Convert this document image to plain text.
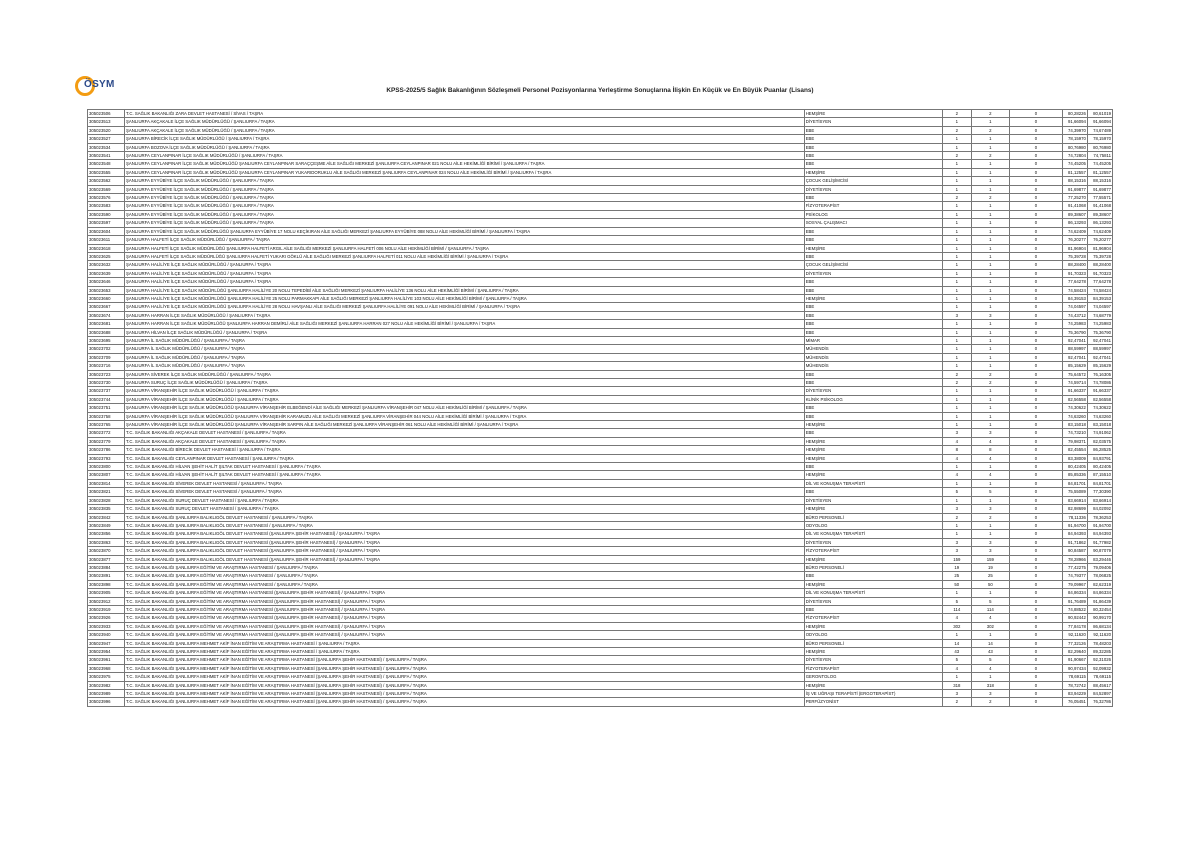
ÖSYM
KPSS-2025/5 Sağlık Bakanlığının Sözleşmeli Personel Pozisyonlarına Yerleştirme Sonuçlarına İlişkin En Küçük ve En Büyük Puanlar (Lisans)
305023506	T.C. SAĞLIK BAKANLIĞI ZARA DEVLET HASTANESİ / SİVAS / TAŞRA	HEMŞİRE	2	2	0	80,28226	80,61019
305023513	ŞANLIURFA AKÇAKALE İLÇE SAĞLIK MÜDÜRLÜĞÜ / ŞANLIURFA / TAŞRA	DİYETİSYEN	1	1	0	91,66094	91,66094
305023520	ŞANLIURFA AKÇAKALE İLÇE SAĞLIK MÜDÜRLÜĞÜ / ŞANLIURFA / TAŞRA	EBE	2	2	0	74,39970	74,67489
305023527	ŞANLIURFA BİRECİK İLÇE SAĞLIK MÜDÜRLÜĞÜ / ŞANLIURFA / TAŞRA	EBE	1	1	0	78,15970	78,15970
305023534	ŞANLIURFA BOZOVA İLÇE SAĞLIK MÜDÜRLÜĞÜ / ŞANLIURFA / TAŞRA	EBE	1	1	0	80,76980	80,76980
305023541	ŞANLIURFA CEYLANPINAR İLÇE SAĞLIK MÜDÜRLÜĞÜ / ŞANLIURFA / TAŞRA	EBE	2	2	0	74,72804	74,75811
305023548	ŞANLIURFA CEYLANPINAR İLÇE SAĞLIK MÜDÜRLÜĞÜ ŞANLIURFA CEYLANPINAR SARAÇÇEŞME AİLE SAĞLIĞI MERKEZİ ŞANLIURFA CEYLANPINAR 021 NOLU AİLE HEKİMLİĞİ BİRİMİ / ŞANLIURFA / TAŞRA	EBE	1	1	0	74,45205	74,45205
305023555	ŞANLIURFA CEYLANPINAR İLÇE SAĞLIK MÜDÜRLÜĞÜ ŞANLIURFA CEYLANPINAR YUKARIDORUKLU AİLE SAĞLIĞI MERKEZİ ŞANLIURFA CEYLANPINAR 024 NOLU AİLE HEKİMLİĞİ BİRİMİ / ŞANLIURFA / TAŞRA	HEMŞİRE	1	1	0	81,12557	81,12557
305023562	ŞANLIURFA EYYÜBİYE İLÇE SAĞLIK MÜDÜRLÜĞÜ / ŞANLIURFA / TAŞRA	ÇOCUK GELİŞİMCİSİ	1	1	0	88,15316	88,15316
305023569	ŞANLIURFA EYYÜBİYE İLÇE SAĞLIK MÜDÜRLÜĞÜ / ŞANLIURFA / TAŞRA	DİYETİSYEN	1	1	0	91,69877	91,69877
305023576	ŞANLIURFA EYYÜBİYE İLÇE SAĞLIK MÜDÜRLÜĞÜ / ŞANLIURFA / TAŞRA	EBE	2	2	0	77,25270	77,55571
305023583	ŞANLIURFA EYYÜBİYE İLÇE SAĞLIK MÜDÜRLÜĞÜ / ŞANLIURFA / TAŞRA	FİZYOTERAPİST	1	1	0	91,41068	91,41068
305023590	ŞANLIURFA EYYÜBİYE İLÇE SAĞLIK MÜDÜRLÜĞÜ / ŞANLIURFA / TAŞRA	PSİKOLOG	1	1	0	89,38607	89,38607
305023597	ŞANLIURFA EYYÜBİYE İLÇE SAĞLIK MÜDÜRLÜĞÜ / ŞANLIURFA / TAŞRA	SOSYAL ÇALIŞMACI	1	1	0	86,13293	86,13293
305023604	ŞANLIURFA EYYÜBİYE İLÇE SAĞLIK MÜDÜRLÜĞÜ ŞANLIURFA EYYÜBİYE 17 NOLU KEÇİKIRAN AİLE SAĞLIĞI MERKEZİ ŞANLIURFA EYYÜBİYE 088 NOLU AİLE HEKİMLİĞİ BİRİMİ / ŞANLIURFA / TAŞRA	EBE	1	1	0	74,62409	74,62409
305023611	ŞANLIURFA HALFETİ İLÇE SAĞLIK MÜDÜRLÜĞÜ / ŞANLIURFA / TAŞRA	EBE	1	1	0	76,20277	76,20277
305023618	ŞANLIURFA HALFETİ İLÇE SAĞLIK MÜDÜRLÜĞÜ ŞANLIURFA HALFETİ ARGIL AİLE SAĞLIĞI MERKEZİ ŞANLIURFA HALFETİ 006 NOLU AİLE HEKİMLİĞİ BİRİMİ / ŞANLIURFA / TAŞRA	HEMŞİRE	1	1	0	81,96904	81,96904
305023625	ŞANLIURFA HALFETİ İLÇE SAĞLIK MÜDÜRLÜĞÜ ŞANLIURFA HALFETİ YUKARI GÖKLÜ AİLE SAĞLIĞI MERKEZİ ŞANLIURFA HALFETİ 011 NOLU AİLE HEKİMLİĞİ BİRİMİ / ŞANLIURFA / TAŞRA	EBE	1	1	0	75,39728	75,39728
305023632	ŞANLIURFA HALİLİYE İLÇE SAĞLIK MÜDÜRLÜĞÜ / ŞANLIURFA / TAŞRA	ÇOCUK GELİŞİMCİSİ	1	1	0	88,28400	88,28400
305023639	ŞANLIURFA HALİLİYE İLÇE SAĞLIK MÜDÜRLÜĞÜ / ŞANLIURFA / TAŞRA	DİYETİSYEN	1	1	0	91,70323	91,70323
305023646	ŞANLIURFA HALİLİYE İLÇE SAĞLIK MÜDÜRLÜĞÜ / ŞANLIURFA / TAŞRA	EBE	1	1	0	77,64278	77,64278
305023653	ŞANLIURFA HALİLİYE İLÇE SAĞLIK MÜDÜRLÜĞÜ ŞANLIURFA HALİLİYE 20 NOLU TEPEDİBİ AİLE SAĞLIĞI MERKEZİ ŞANLIURFA HALİLİYE 136 NOLU AİLE HEKİMLİĞİ BİRİMİ / ŞANLIURFA / TAŞRA	EBE	1	1	0	74,58424	74,58424
305023660	ŞANLIURFA HALİLİYE İLÇE SAĞLIK MÜDÜRLÜĞÜ ŞANLIURFA HALİLİYE 25 NOLU PARMAKKAPI AİLE SAĞLIĞI MERKEZİ ŞANLIURFA HALİLİYE 103 NOLU AİLE HEKİMLİĞİ BİRİMİ / ŞANLIURFA / TAŞRA	HEMŞİRE	1	1	0	84,39153	84,39153
305023667	ŞANLIURFA HALİLİYE İLÇE SAĞLIK MÜDÜRLÜĞÜ ŞANLIURFA HALİLİYE 28 NOLU HAVŞANLI AİLE SAĞLIĞI MERKEZİ ŞANLIURFA HALİLİYE 091 NOLU AİLE HEKİMLİĞİ BİRİMİ / ŞANLIURFA / TAŞRA	EBE	1	1	0	74,04597	74,04597
305023674	ŞANLIURFA HARRAN İLÇE SAĞLIK MÜDÜRLÜĞÜ / ŞANLIURFA / TAŞRA	EBE	3	3	0	74,43712	74,68779
305023681	ŞANLIURFA HARRAN İLÇE SAĞLIK MÜDÜRLÜĞÜ ŞANLIURFA HARRAN DEMİRLİ AİLE SAĞLIĞI MERKEZİ ŞANLIURFA HARRAN 027 NOLU AİLE HEKİMLİĞİ BİRİMİ / ŞANLIURFA / TAŞRA	EBE	1	1	0	74,25983	74,25983
305023688	ŞANLIURFA HİLVAN İLÇE SAĞLIK MÜDÜRLÜĞÜ / ŞANLIURFA / TAŞRA	EBE	1	1	0	75,36790	75,36790
305023695	ŞANLIURFA İL SAĞLIK MÜDÜRLÜĞÜ / ŞANLIURFA / TAŞRA	MİMAR	1	1	0	92,47041	92,47041
305023702	ŞANLIURFA İL SAĞLIK MÜDÜRLÜĞÜ / ŞANLIURFA / TAŞRA	MÜHENDİS	1	1	0	88,59997	88,59997
305023709	ŞANLIURFA İL SAĞLIK MÜDÜRLÜĞÜ / ŞANLIURFA / TAŞRA	MÜHENDİS	1	1	0	92,47041	92,47041
305023716	ŞANLIURFA İL SAĞLIK MÜDÜRLÜĞÜ / ŞANLIURFA / TAŞRA	MÜHENDİS	1	1	0	85,15629	85,15629
305023723	ŞANLIURFA SİVEREK İLÇE SAĞLIK MÜDÜRLÜĞÜ / ŞANLIURFA / TAŞRA	EBE	2	2	0	75,64572	76,16305
305023730	ŞANLIURFA SURUÇ İLÇE SAĞLIK MÜDÜRLÜĞÜ / ŞANLIURFA / TAŞRA	EBE	2	2	0	74,59714	74,78086
305023737	ŞANLIURFA VİRANŞEHİR İLÇE SAĞLIK MÜDÜRLÜĞÜ / ŞANLIURFA / TAŞRA	DİYETİSYEN	1	1	0	91,66337	91,66337
305023744	ŞANLIURFA VİRANŞEHİR İLÇE SAĞLIK MÜDÜRLÜĞÜ / ŞANLIURFA / TAŞRA	KLİNİK PSİKOLOG	1	1	0	82,56558	82,56558
305023751	ŞANLIURFA VİRANŞEHİR İLÇE SAĞLIK MÜDÜRLÜĞÜ ŞANLIURFA VİRANŞEHİR ELBEĞENDİ AİLE SAĞLIĞI MERKEZİ ŞANLIURFA VİRANŞEHİR 047 NOLU AİLE HEKİMLİĞİ BİRİMİ / ŞANLIURFA / TAŞRA	EBE	1	1	0	74,30622	74,30622
305023758	ŞANLIURFA VİRANŞEHİR İLÇE SAĞLIK MÜDÜRLÜĞÜ ŞANLIURFA VİRANŞEHİR KARAMUZU AİLE SAĞLIĞI MERKEZİ ŞANLIURFA VİRANŞEHİR 044 NOLU AİLE HEKİMLİĞİ BİRİMİ / ŞANLIURFA / TAŞRA	EBE	1	1	0	74,63260	74,63260
305023765	ŞANLIURFA VİRANŞEHİR İLÇE SAĞLIK MÜDÜRLÜĞÜ ŞANLIURFA VİRANŞEHİR SARPIN AİLE SAĞLIĞI MERKEZİ ŞANLIURFA VİRANŞEHİR 061 NOLU AİLE HEKİMLİĞİ BİRİMİ / ŞANLIURFA / TAŞRA	HEMŞİRE	1	1	0	83,15018	83,15018
305023772	T.C. SAĞLIK BAKANLIĞI AKÇAKALE DEVLET HASTANESİ / ŞANLIURFA / TAŞRA	EBE	3	3	0	74,73210	74,91062
305023779	T.C. SAĞLIK BAKANLIĞI AKÇAKALE DEVLET HASTANESİ / ŞANLIURFA / TAŞRA	HEMŞİRE	4	4	0	79,98371	82,03575
305023786	T.C. SAĞLIK BAKANLIĞI BİRECİK DEVLET HASTANESİ / ŞANLIURFA / TAŞRA	HEMŞİRE	8	8	0	82,45554	86,28525
305023793	T.C. SAĞLIK BAKANLIĞI CEYLANPINAR DEVLET HASTANESİ / ŞANLIURFA / TAŞRA	HEMŞİRE	4	4	0	83,38009	84,93791
305023800	T.C. SAĞLIK BAKANLIĞI HİLVAN ŞEHİT HALİT ŞILTAK DEVLET HASTANESİ / ŞANLIURFA / TAŞRA	EBE	1	1	0	80,42405	80,42405
305023807	T.C. SAĞLIK BAKANLIĞI HİLVAN ŞEHİT HALİT ŞILTAK DEVLET HASTANESİ / ŞANLIURFA / TAŞRA	HEMŞİRE	4	4	0	85,85336	87,15510
305023814	T.C. SAĞLIK BAKANLIĞI SİVEREK DEVLET HASTANESİ / ŞANLIURFA / TAŞRA	DİL VE KONUŞMA TERAPİSTİ	1	1	0	84,81701	84,81701
305023821	T.C. SAĞLIK BAKANLIĞI SİVEREK DEVLET HASTANESİ / ŞANLIURFA / TAŞRA	EBE	5	5	0	75,55089	77,30390
305023828	T.C. SAĞLIK BAKANLIĞI SURUÇ DEVLET HASTANESİ / ŞANLIURFA / TAŞRA	DİYETİSYEN	1	1	0	83,66914	83,66914
305023835	T.C. SAĞLIK BAKANLIĞI SURUÇ DEVLET HASTANESİ / ŞANLIURFA / TAŞRA	HEMŞİRE	3	3	0	82,98699	84,02092
305023842	T.C. SAĞLIK BAKANLIĞI ŞANLIURFA BALIKLIGÖL DEVLET HASTANESİ / ŞANLIURFA / TAŞRA	BÜRO PERSONELİ	2	2	0	78,11336	78,36253
305023849	T.C. SAĞLIK BAKANLIĞI ŞANLIURFA BALIKLIGÖL DEVLET HASTANESİ / ŞANLIURFA / TAŞRA	ODYOLOG	1	1	0	91,94700	91,94700
305023856	T.C. SAĞLIK BAKANLIĞI ŞANLIURFA BALIKLIGÖL DEVLET HASTANESİ (ŞANLIURFA ŞEHİR HASTANESİ) / ŞANLIURFA / TAŞRA	DİL VE KONUŞMA TERAPİSTİ	1	1	0	84,94393	84,94393
305023863	T.C. SAĞLIK BAKANLIĞI ŞANLIURFA BALIKLIGÖL DEVLET HASTANESİ (ŞANLIURFA ŞEHİR HASTANESİ) / ŞANLIURFA / TAŞRA	DİYETİSYEN	3	3	0	91,71862	91,77982
305023870	T.C. SAĞLIK BAKANLIĞI ŞANLIURFA BALIKLIGÖL DEVLET HASTANESİ (ŞANLIURFA ŞEHİR HASTANESİ) / ŞANLIURFA / TAŞRA	FİZYOTERAPİST	3	3	0	90,84587	90,87079
305023877	T.C. SAĞLIK BAKANLIĞI ŞANLIURFA BALIKLIGÖL DEVLET HASTANESİ (ŞANLIURFA ŞEHİR HASTANESİ) / ŞANLIURFA / TAŞRA	HEMŞİRE	159	159	0	78,28966	83,29446
305023884	T.C. SAĞLIK BAKANLIĞI ŞANLIURFA EĞİTİM VE ARAŞTIRMA HASTANESİ / ŞANLIURFA / TAŞRA	BÜRO PERSONELİ	19	19	0	77,42275	79,09406
305023891	T.C. SAĞLIK BAKANLIĞI ŞANLIURFA EĞİTİM VE ARAŞTIRMA HASTANESİ / ŞANLIURFA / TAŞRA	EBE	25	25	0	74,79377	78,06825
305023898	T.C. SAĞLIK BAKANLIĞI ŞANLIURFA EĞİTİM VE ARAŞTIRMA HASTANESİ / ŞANLIURFA / TAŞRA	HEMŞİRE	50	50	0	79,09967	82,62319
305023905	T.C. SAĞLIK BAKANLIĞI ŞANLIURFA EĞİTİM VE ARAŞTIRMA HASTANESİ (ŞANLIURFA ŞEHİR HASTANESİ) / ŞANLIURFA / TAŞRA	DİL VE KONUŞMA TERAPİSTİ	1	1	0	84,86334	84,86334
305023912	T.C. SAĞLIK BAKANLIĞI ŞANLIURFA EĞİTİM VE ARAŞTIRMA HASTANESİ (ŞANLIURFA ŞEHİR HASTANESİ) / ŞANLIURFA / TAŞRA	DİYETİSYEN	5	5	0	91,76489	91,86439
305023919	T.C. SAĞLIK BAKANLIĞI ŞANLIURFA EĞİTİM VE ARAŞTIRMA HASTANESİ (ŞANLIURFA ŞEHİR HASTANESİ) / ŞANLIURFA / TAŞRA	EBE	114	114	0	74,88522	80,32454
305023926	T.C. SAĞLIK BAKANLIĞI ŞANLIURFA EĞİTİM VE ARAŞTIRMA HASTANESİ (ŞANLIURFA ŞEHİR HASTANESİ) / ŞANLIURFA / TAŞRA	FİZYOTERAPİST	4	4	0	90,92442	90,99170
305023933	T.C. SAĞLIK BAKANLIĞI ŞANLIURFA EĞİTİM VE ARAŞTIRMA HASTANESİ (ŞANLIURFA ŞEHİR HASTANESİ) / ŞANLIURFA / TAŞRA	HEMŞİRE	302	302	0	77,84178	86,68134
305023940	T.C. SAĞLIK BAKANLIĞI ŞANLIURFA EĞİTİM VE ARAŞTIRMA HASTANESİ (ŞANLIURFA ŞEHİR HASTANESİ) / ŞANLIURFA / TAŞRA	ODYOLOG	1	1	0	92,11620	92,11620
305023947	T.C. SAĞLIK BAKANLIĞI ŞANLIURFA MEHMET AKİF İNAN EĞİTİM VE ARAŞTIRMA HASTANESİ / ŞANLIURFA / TAŞRA	BÜRO PERSONELİ	14	14	0	77,32126	78,48203
305023954	T.C. SAĞLIK BAKANLIĞI ŞANLIURFA MEHMET AKİF İNAN EĞİTİM VE ARAŞTIRMA HASTANESİ / ŞANLIURFA / TAŞRA	HEMŞİRE	43	43	0	82,29640	89,32285
305023961	T.C. SAĞLIK BAKANLIĞI ŞANLIURFA MEHMET AKİF İNAN EĞİTİM VE ARAŞTIRMA HASTANESİ (ŞANLIURFA ŞEHİR HASTANESİ) / ŞANLIURFA / TAŞRA	DİYETİSYEN	5	5	0	91,90667	92,31026
305023968	T.C. SAĞLIK BAKANLIĞI ŞANLIURFA MEHMET AKİF İNAN EĞİTİM VE ARAŞTIRMA HASTANESİ (ŞANLIURFA ŞEHİR HASTANESİ) / ŞANLIURFA / TAŞRA	FİZYOTERAPİST	4	4	0	90,97434	92,09932
305023975	T.C. SAĞLIK BAKANLIĞI ŞANLIURFA MEHMET AKİF İNAN EĞİTİM VE ARAŞTIRMA HASTANESİ (ŞANLIURFA ŞEHİR HASTANESİ) / ŞANLIURFA / TAŞRA	GERONTOLOG	1	1	0	78,69115	78,69115
305023982	T.C. SAĞLIK BAKANLIĞI ŞANLIURFA MEHMET AKİF İNAN EĞİTİM VE ARAŞTIRMA HASTANESİ (ŞANLIURFA ŞEHİR HASTANESİ) / ŞANLIURFA / TAŞRA	HEMŞİRE	318	318	0	78,72742	88,45617
305023989	T.C. SAĞLIK BAKANLIĞI ŞANLIURFA MEHMET AKİF İNAN EĞİTİM VE ARAŞTIRMA HASTANESİ (ŞANLIURFA ŞEHİR HASTANESİ) / ŞANLIURFA / TAŞRA	İŞ VE UĞRAŞI TERAPİSTİ (ERGOTERAPİST)	3	3	0	83,94229	84,52897
305023996	T.C. SAĞLIK BAKANLIĞI ŞANLIURFA MEHMET AKİF İNAN EĞİTİM VE ARAŞTIRMA HASTANESİ (ŞANLIURFA ŞEHİR HASTANESİ) / ŞANLIURFA / TAŞRA	PERFÜZYONİST	2	2	0	76,05451	76,32786
